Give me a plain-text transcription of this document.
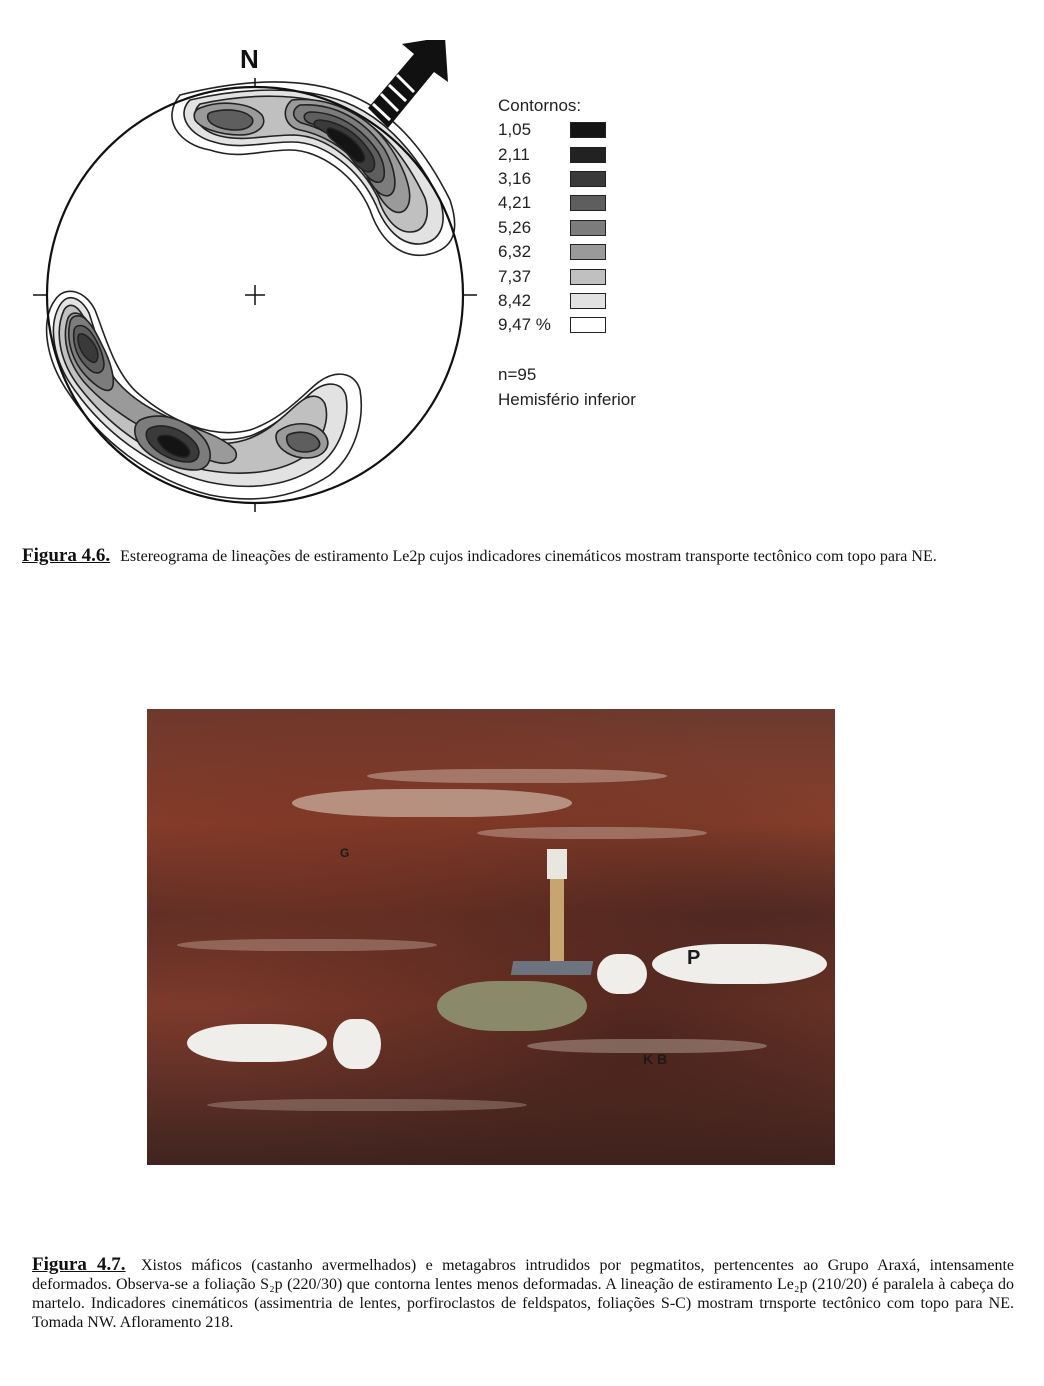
N
Contornos:
1,05
2,11
3,16
4,21
5,26
6,32
7,37
8,42
9,47 %
n=95
Hemisfério inferior
Figura 4.6. Estereograma de lineações de estiramento Le2p cujos indicadores cinemáticos mostram transporte tectônico com topo para NE.
P
K B
G
Figura 4.7. Xistos máficos (castanho avermelhados) e metagabros intrudidos por pegmatitos, pertencentes ao Grupo Araxá, intensamente deformados. Observa-se a foliação S₂p (220/30) que contorna lentes menos deformadas. A lineação de estiramento Le₂p (210/20) é paralela à cabeça do martelo. Indicadores cinemáticos (assimentria de lentes, porfiroclastos de feldspatos, foliações S-C) mostram trnsporte tectônico com topo para NE. Tomada NW. Afloramento 218.
